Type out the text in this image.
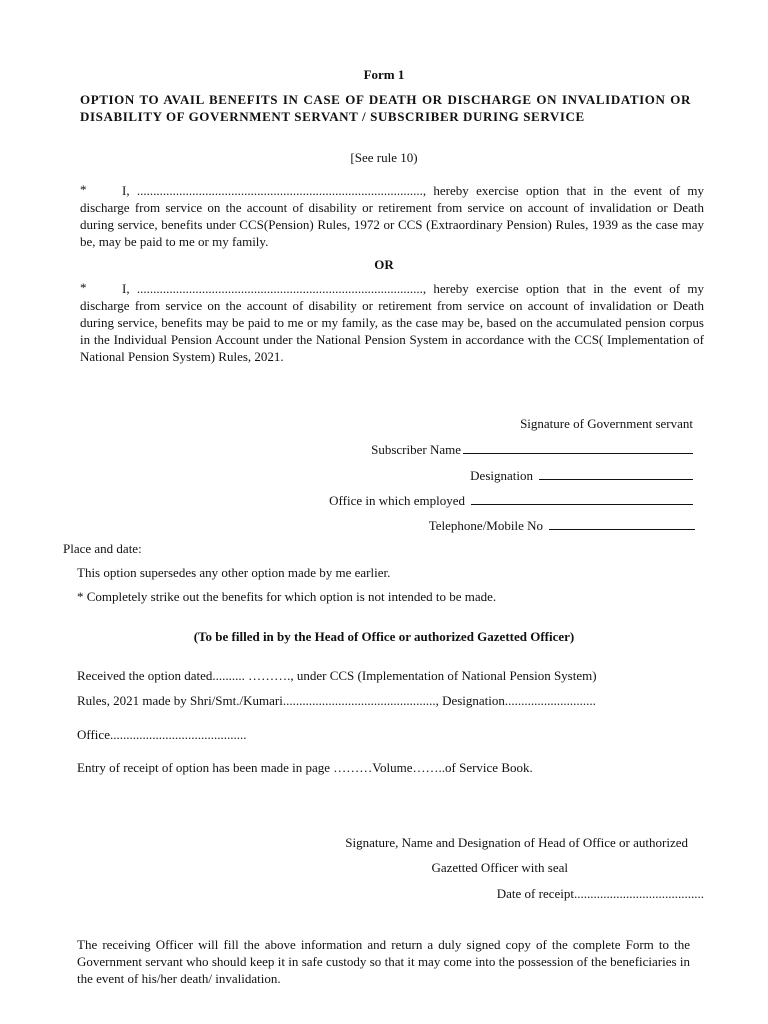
Form 1
OPTION TO AVAIL BENEFITS IN CASE OF DEATH OR DISCHARGE ON INVALIDATION OR DISABILITY OF GOVERNMENT SERVANT / SUBSCRIBER DURING SERVICE
[See rule 10)
*	I, ........................................................................................, hereby exercise option that in the event of my discharge from service on the account of disability or retirement from service on account of invalidation or Death during service, benefits under CCS(Pension) Rules, 1972 or CCS (Extraordinary Pension) Rules, 1939 as the case may be, may be paid to me or my family.
OR
*	I, ........................................................................................, hereby exercise option that in the event of my discharge from service on the account of disability or retirement from service on account of invalidation or Death during service, benefits may be paid to me or my family, as the case may be, based on the accumulated pension corpus in the Individual Pension Account under the National Pension System in accordance with the CCS( Implementation of National Pension System) Rules, 2021.
Signature of Government servant
Subscriber Name
Designation
Office in which employed
Telephone/Mobile No
Place and date:
This option supersedes any other option made by me earlier.
* Completely strike out the benefits for which option is not intended to be made.
(To be filled in by the Head of Office or authorized Gazetted Officer)
Received the option dated.......... ………., under CCS (Implementation of National Pension System)
Rules, 2021 made by Shri/Smt./Kumari..............................................., Designation............................
Office..........................................
Entry of receipt of option has been made in page ………Volume……..of Service Book.
Signature, Name and Designation of Head of Office or authorized
Gazetted Officer with seal
Date of receipt........................................
The receiving Officer will fill the above information and return a duly signed copy of the complete Form to the Government servant who should keep it in safe custody so that it may come into the possession of the beneficiaries in the event of his/her death/ invalidation.
